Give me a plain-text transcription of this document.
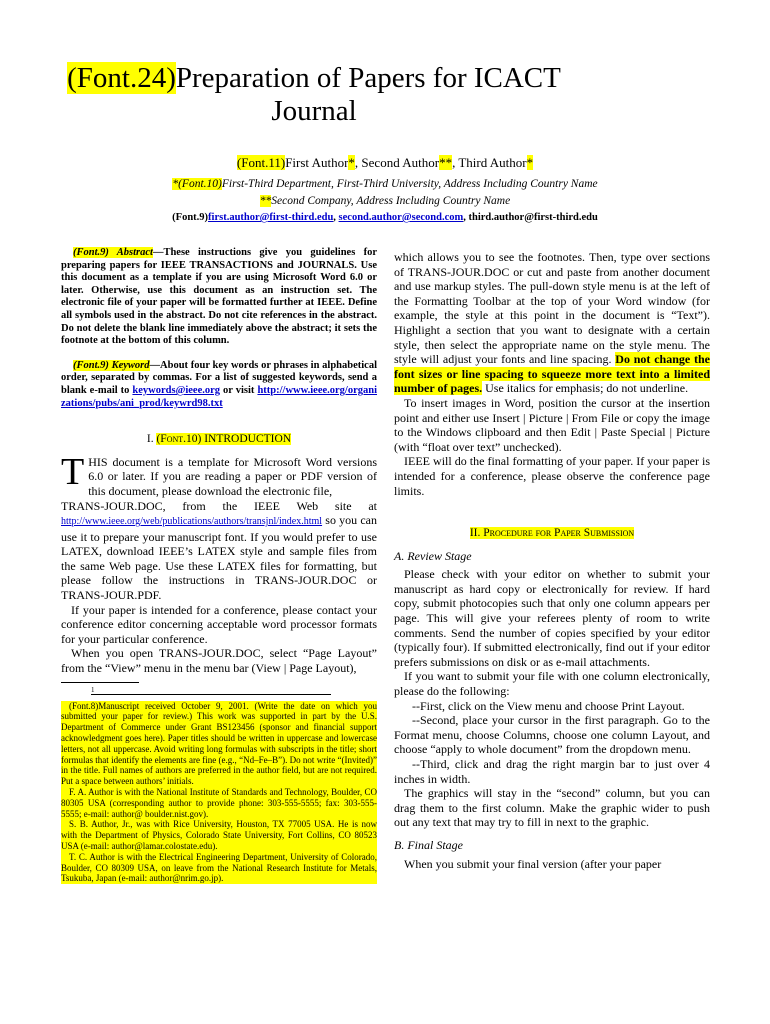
(Font.24)Preparation of Papers for ICACT Journal
(Font.11)First Author*, Second Author**, Third Author*
*(Font.10)First-Third Department, First-Third University, Address Including Country Name
**Second Company, Address Including Country Name
(Font.9)first.author@first-third.edu, second.author@second.com, third.author@first-third.edu

(Font.9) Abstract—These instructions give you guidelines for preparing papers for IEEE TRANSACTIONS and JOURNALS. Use this document as a template if you are using Microsoft Word 6.0 or later. Otherwise, use this document as an instruction set. The electronic file of your paper will be formatted further at IEEE. Define all symbols used in the abstract. Do not cite references in the abstract. Do not delete the blank line immediately above the abstract; it sets the footnote at the bottom of this column.

(Font.9) Keyword—About four key words or phrases in alphabetical order, separated by commas. For a list of suggested keywords, send a blank e-mail to keywords@ieee.org or visit http://www.ieee.org/organizations/pubs/ani_prod/keywrd98.txt

I. (Font.10) INTRODUCTION

THIS document is a template for Microsoft Word versions 6.0 or later. If you are reading a paper or PDF version of this document, please download the electronic file,
TRANS-JOUR.DOC, from the IEEE Web site at http://www.ieee.org/web/publications/authors/transjnl/index.html so you can use it to prepare your manuscript font. If you would prefer to use LATEX, download IEEE’s LATEX style and sample files from the same Web page. Use these LATEX files for formatting, but please follow the instructions in TRANS-JOUR.DOC or TRANS-JOUR.PDF.

If your paper is intended for a conference, please contact your conference editor concerning acceptable word processor formats for your particular conference.

When you open TRANS-JOUR.DOC, select “Page Layout” from the “View” menu in the menu bar (View | Page Layout),

1

(Font.8)Manuscript received October 9, 2001. (Write the date on which you submitted your paper for review.) This work was supported in part by the U.S. Department of Commerce under Grant BS123456 (sponsor and financial support acknowledgment goes here). Paper titles should be written in uppercase and lowercase letters, not all uppercase. Avoid writing long formulas with subscripts in the title; short formulas that identify the elements are fine (e.g., “Nd–Fe–B”). Do not write “(Invited)” in the title. Full names of authors are preferred in the author field, but are not required. Put a space between authors’ initials.

F. A. Author is with the National Institute of Standards and Technology, Boulder, CO 80305 USA (corresponding author to provide phone: 303-555-5555; fax: 303-555-5555; e-mail: author@ boulder.nist.gov).

S. B. Author, Jr., was with Rice University, Houston, TX 77005 USA. He is now with the Department of Physics, Colorado State University, Fort Collins, CO 80523 USA (e-mail: author@lamar.colostate.edu).

T. C. Author is with the Electrical Engineering Department, University of Colorado, Boulder, CO 80309 USA, on leave from the National Research Institute for Metals, Tsukuba, Japan (e-mail: author@nrim.go.jp).

which allows you to see the footnotes. Then, type over sections of TRANS-JOUR.DOC or cut and paste from another document and use markup styles. The pull-down style menu is at the left of the Formatting Toolbar at the top of your Word window (for example, the style at this point in the document is “Text”). Highlight a section that you want to designate with a certain style, then select the appropriate name on the style menu. The style will adjust your fonts and line spacing. Do not change the font sizes or line spacing to squeeze more text into a limited number of pages. Use italics for emphasis; do not underline.

To insert images in Word, position the cursor at the insertion point and either use Insert | Picture | From File or copy the image to the Windows clipboard and then Edit | Paste Special | Picture (with “float over text” unchecked).

IEEE will do the final formatting of your paper. If your paper is intended for a conference, please observe the conference page limits.

II. Procedure for Paper Submission
A. Review Stage

Please check with your editor on whether to submit your manuscript as hard copy or electronically for review. If hard copy, submit photocopies such that only one column appears per page. This will give your referees plenty of room to write comments. Send the number of copies specified by your editor (typically four). If submitted electronically, find out if your editor prefers submissions on disk or as e-mail attachments.

If you want to submit your file with one column electronically, please do the following:

--First, click on the View menu and choose Print Layout.

--Second, place your cursor in the first paragraph. Go to the Format menu, choose Columns, choose one column Layout, and choose “apply to whole document” from the dropdown menu.

--Third, click and drag the right margin bar to just over 4 inches in width.

The graphics will stay in the “second” column, but you can drag them to the first column. Make the graphic wider to push out any text that may try to fill in next to the graphic.

B. Final Stage

When you submit your final version (after your paper
